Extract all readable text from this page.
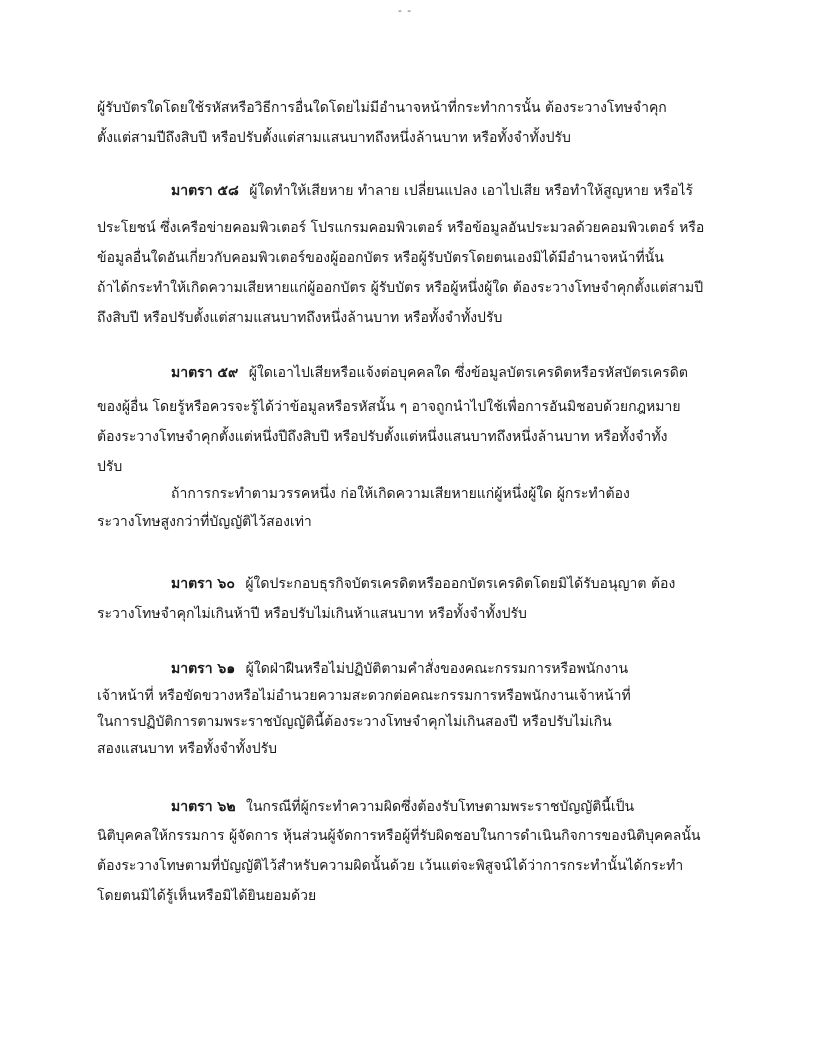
- -
ผู้รับบัตรใดโดยใช้รหัสหรือวิธีการอื่นใดโดยไม่มีอำนาจหน้าที่กระทำการนั้น ต้องระวางโทษจำคุก
ตั้งแต่สามปีถึงสิบปี หรือปรับตั้งแต่สามแสนบาทถึงหนึ่งล้านบาท หรือทั้งจำทั้งปรับ
มาตรา ๕๘ ผู้ใดทำให้เสียหาย ทำลาย เปลี่ยนแปลง เอาไปเสีย หรือทำให้สูญหาย หรือไร้
ประโยชน์ ซึ่งเครือข่ายคอมพิวเตอร์ โปรแกรมคอมพิวเตอร์ หรือข้อมูลอันประมวลด้วยคอมพิวเตอร์ หรือ
ข้อมูลอื่นใดอันเกี่ยวกับคอมพิวเตอร์ของผู้ออกบัตร หรือผู้รับบัตรโดยตนเองมิได้มีอำนาจหน้าที่นั้น
ถ้าได้กระทำให้เกิดความเสียหายแก่ผู้ออกบัตร ผู้รับบัตร หรือผู้หนึ่งผู้ใด ต้องระวางโทษจำคุกตั้งแต่สามปี
ถึงสิบปี หรือปรับตั้งแต่สามแสนบาทถึงหนึ่งล้านบาท หรือทั้งจำทั้งปรับ
มาตรา ๕๙ ผู้ใดเอาไปเสียหรือแจ้งต่อบุคคลใด ซึ่งข้อมูลบัตรเครดิตหรือรหัสบัตรเครดิต
ของผู้อื่น โดยรู้หรือควรจะรู้ได้ว่าข้อมูลหรือรหัสนั้น ๆ อาจถูกนำไปใช้เพื่อการอันมิชอบด้วยกฎหมาย
ต้องระวางโทษจำคุกตั้งแต่หนึ่งปีถึงสิบปี หรือปรับตั้งแต่หนึ่งแสนบาทถึงหนึ่งล้านบาท หรือทั้งจำทั้ง
ปรับ
ถ้าการกระทำตามวรรคหนึ่ง ก่อให้เกิดความเสียหายแก่ผู้หนึ่งผู้ใด ผู้กระทำต้อง
ระวางโทษสูงกว่าที่บัญญัติไว้สองเท่า
มาตรา ๖๐ ผู้ใดประกอบธุรกิจบัตรเครดิตหรือออกบัตรเครดิตโดยมิได้รับอนุญาต ต้อง
ระวางโทษจำคุกไม่เกินห้าปี หรือปรับไม่เกินห้าแสนบาท หรือทั้งจำทั้งปรับ
มาตรา ๖๑ ผู้ใดฝ่าฝืนหรือไม่ปฏิบัติตามคำสั่งของคณะกรรมการหรือพนักงาน
เจ้าหน้าที่ หรือขัดขวางหรือไม่อำนวยความสะดวกต่อคณะกรรมการหรือพนักงานเจ้าหน้าที่
ในการปฏิบัติการตามพระราชบัญญัตินี้ต้องระวางโทษจำคุกไม่เกินสองปี หรือปรับไม่เกิน
สองแสนบาท หรือทั้งจำทั้งปรับ
มาตรา ๖๒ ในกรณีที่ผู้กระทำความผิดซึ่งต้องรับโทษตามพระราชบัญญัตินี้เป็น
นิติบุคคลให้กรรมการ ผู้จัดการ หุ้นส่วนผู้จัดการหรือผู้ที่รับผิดชอบในการดำเนินกิจการของนิติบุคคลนั้น
ต้องระวางโทษตามที่บัญญัติไว้สำหรับความผิดนั้นด้วย เว้นแต่จะพิสูจน์ได้ว่าการกระทำนั้นได้กระทำ
โดยตนมิได้รู้เห็นหรือมิได้ยินยอมด้วย
